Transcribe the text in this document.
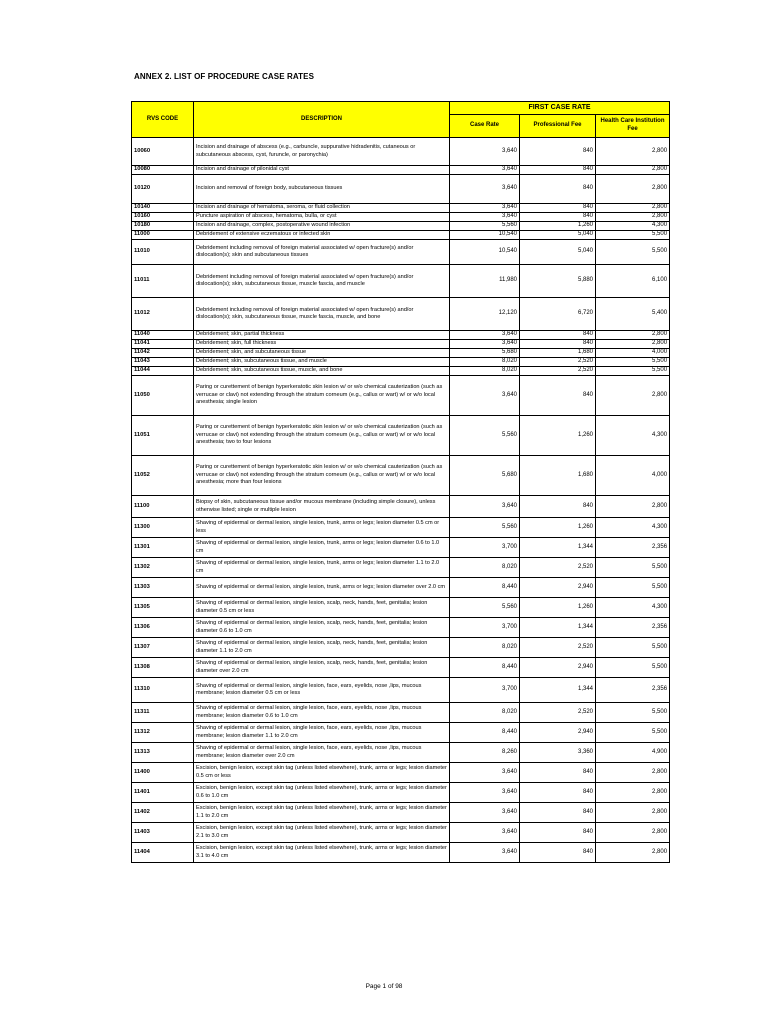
ANNEX 2. LIST OF PROCEDURE CASE RATES
RVS CODE	DESCRIPTION	FIRST CASE RATE		
		Case Rate	Professional Fee	Health Care Institution Fee
10060	Incision and drainage of abscess (e.g., carbuncle, suppurative hidradenitis, cutaneous or subcutaneous abscess, cyst, furuncle, or paronychia)	3,640	840	2,800
10080	Incision and drainage of pilonidal cyst	3,640	840	2,800
10120	Incision and removal of foreign body, subcutaneous tissues	3,640	840	2,800
10140	Incision and drainage of hematoma, seroma, or fluid collection	3,640	840	2,800
10160	Puncture aspiration of abscess, hematoma, bulla, or cyst	3,640	840	2,800
10180	Incision and drainage, complex, postoperative wound infection	5,560	1,260	4,300
11000	Debridement of extensive eczematous or infected skin	10,540	5,040	5,500
11010	Debridement including removal of foreign material associated w/ open fracture(s) and/or dislocation(s); skin and subcutaneous tissues	10,540	5,040	5,500
11011	Debridement including removal of foreign material associated w/ open fracture(s) and/or dislocation(s); skin, subcutaneous tissue, muscle fascia, and muscle	11,980	5,880	6,100
11012	Debridement including removal of foreign material associated w/ open fracture(s) and/or dislocation(s); skin, subcutaneous tissue, muscle fascia, muscle, and bone	12,120	6,720	5,400
11040	Debridement; skin, partial thickness	3,640	840	2,800
11041	Debridement; skin, full thickness	3,640	840	2,800
11042	Debridement; skin, and subcutaneous tissue	5,680	1,680	4,000
11043	Debridement; skin, subcutaneous tissue, and muscle	8,020	2,520	5,500
11044	Debridement; skin, subcutaneous tissue, muscle, and bone	8,020	2,520	5,500
11050	Paring or curettement of benign hyperkeratotic skin lesion w/ or w/o chemical cauterization (such as verrucae or clavi) not extending through the stratum corneum (e.g., callus or wart) w/ or w/o local anesthesia; single lesion	3,640	840	2,800
11051	Paring or curettement of benign hyperkeratotic skin lesion w/ or w/o chemical cauterization (such as verrucae or clavi) not extending through the stratum corneum (e.g., callus or wart) w/ or w/o local anesthesia; two to four lesions	5,560	1,260	4,300
11052	Paring or curettement of benign hyperkeratotic skin lesion w/ or w/o chemical cauterization (such as verrucae or clavi) not extending through the stratum corneum (e.g., callus or wart) w/ or w/o local anesthesia; more than four lesions	5,680	1,680	4,000
11100	Biopsy of skin, subcutaneous tissue and/or mucous membrane (including simple closure), unless otherwise listed; single or multiple lesion	3,640	840	2,800
11300	Shaving of epidermal or dermal lesion, single lesion, trunk, arms or legs; lesion diameter 0.5 cm or less	5,560	1,260	4,300
11301	Shaving of epidermal or dermal lesion, single lesion, trunk, arms or legs; lesion diameter 0.6 to 1.0 cm	3,700	1,344	2,356
11302	Shaving of epidermal or dermal lesion, single lesion, trunk, arms or legs; lesion diameter 1.1 to 2.0 cm	8,020	2,520	5,500
11303	Shaving of epidermal or dermal lesion, single lesion, trunk, arms or legs; lesion diameter over 2.0 cm	8,440	2,940	5,500
11305	Shaving of epidermal or dermal lesion, single lesion, scalp, neck, hands, feet, genitalia; lesion diameter 0.5 cm or less	5,560	1,260	4,300
11306	Shaving of epidermal or dermal lesion, single lesion, scalp, neck, hands, feet, genitalia; lesion diameter 0.6 to 1.0 cm	3,700	1,344	2,356
11307	Shaving of epidermal or dermal lesion, single lesion, scalp, neck, hands, feet, genitalia; lesion diameter 1.1 to 2.0 cm	8,020	2,520	5,500
11308	Shaving of epidermal or dermal lesion, single lesion, scalp, neck, hands, feet, genitalia; lesion diameter over 2.0 cm	8,440	2,940	5,500
11310	Shaving of epidermal or dermal lesion, single lesion, face, ears, eyelids, nose ,lips, mucous membrane; lesion diameter 0.5 cm or less	3,700	1,344	2,356
11311	Shaving of epidermal or dermal lesion, single lesion, face, ears, eyelids, nose ,lips, mucous membrane; lesion diameter 0.6 to 1.0 cm	8,020	2,520	5,500
11312	Shaving of epidermal or dermal lesion, single lesion, face, ears, eyelids, nose ,lips, mucous membrane; lesion diameter 1.1 to 2.0 cm	8,440	2,940	5,500
11313	Shaving of epidermal or dermal lesion, single lesion, face, ears, eyelids, nose ,lips, mucous membrane; lesion diameter over 2.0 cm	8,260	3,360	4,900
11400	Excision, benign lesion, except skin tag (unless listed elsewhere), trunk, arms or legs; lesion diameter 0.5 cm or less	3,640	840	2,800
11401	Excision, benign lesion, except skin tag (unless listed elsewhere), trunk, arms or legs; lesion diameter 0.6 to 1.0 cm	3,640	840	2,800
11402	Excision, benign lesion, except skin tag (unless listed elsewhere), trunk, arms or legs; lesion diameter 1.1 to 2.0 cm	3,640	840	2,800
11403	Excision, benign lesion, except skin tag (unless listed elsewhere), trunk, arms or legs; lesion diameter 2.1 to 3.0 cm	3,640	840	2,800
11404	Excision, benign lesion, except skin tag (unless listed elsewhere), trunk, arms or legs; lesion diameter 3.1 to 4.0 cm	3,640	840	2,800
Page 1 of 98
